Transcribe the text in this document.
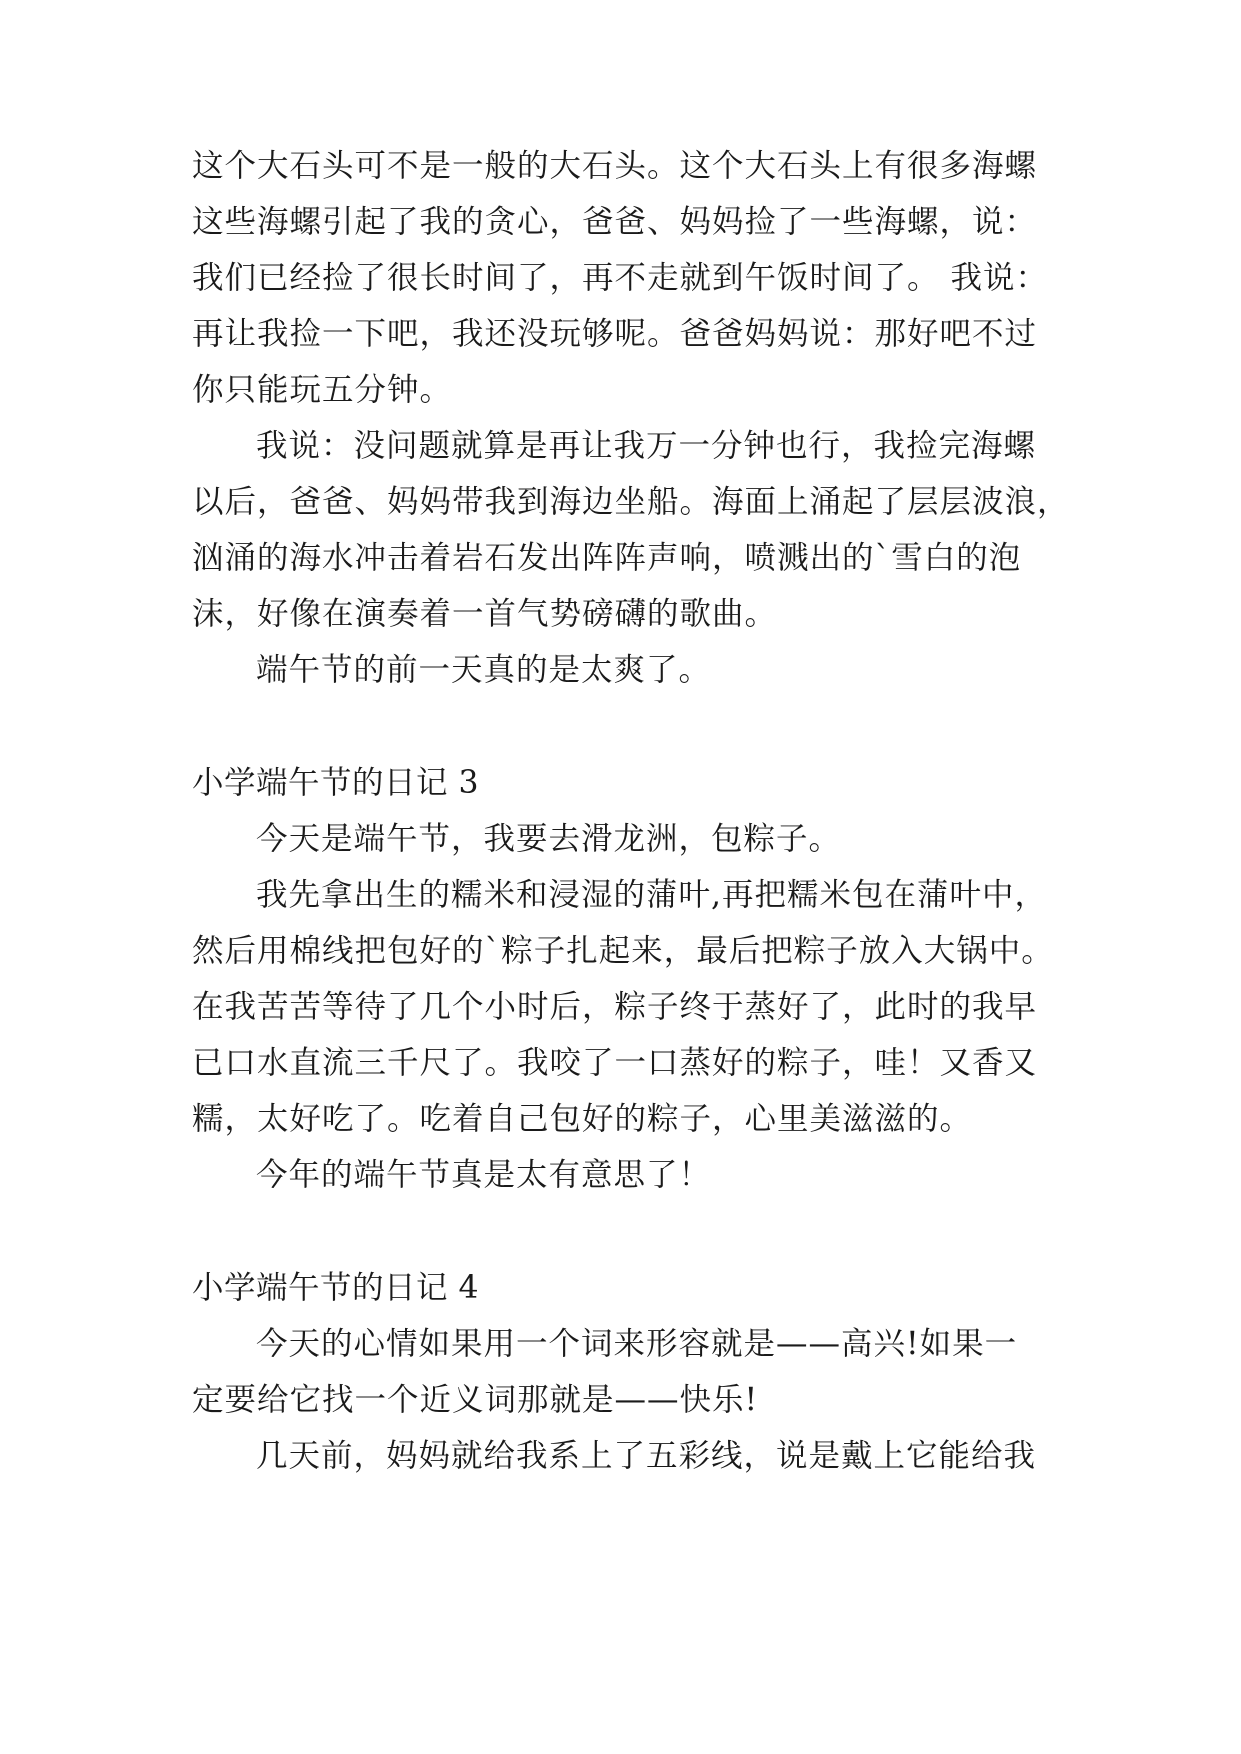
这个大石头可不是一般的大石头。这个大石头上有很多海螺
这些海螺引起了我的贪心，爸爸、妈妈捡了一些海螺，说：
我们已经捡了很长时间了，再不走就到午饭时间了。 我说：
再让我捡一下吧，我还没玩够呢。爸爸妈妈说：那好吧不过
你只能玩五分钟。
我说：没问题就算是再让我万一分钟也行，我捡完海螺
以后，爸爸、妈妈带我到海边坐船。海面上涌起了层层波浪，
汹涌的海水冲击着岩石发出阵阵声响，喷溅出的`雪白的泡
沫，好像在演奏着一首气势磅礴的歌曲。
端午节的前一天真的是太爽了。
小学端午节的日记 3
今天是端午节，我要去滑龙洲，包粽子。
我先拿出生的糯米和浸湿的蒲叶,再把糯米包在蒲叶中，
然后用棉线把包好的`粽子扎起来，最后把粽子放入大锅中。
在我苦苦等待了几个小时后，粽子终于蒸好了，此时的我早
已口水直流三千尺了。我咬了一口蒸好的粽子，哇！又香又
糯，太好吃了。吃着自己包好的粽子，心里美滋滋的。
今年的端午节真是太有意思了！
小学端午节的日记 4
今天的心情如果用一个词来形容就是——高兴!如果一
定要给它找一个近义词那就是——快乐!
几天前，妈妈就给我系上了五彩线，说是戴上它能给我
